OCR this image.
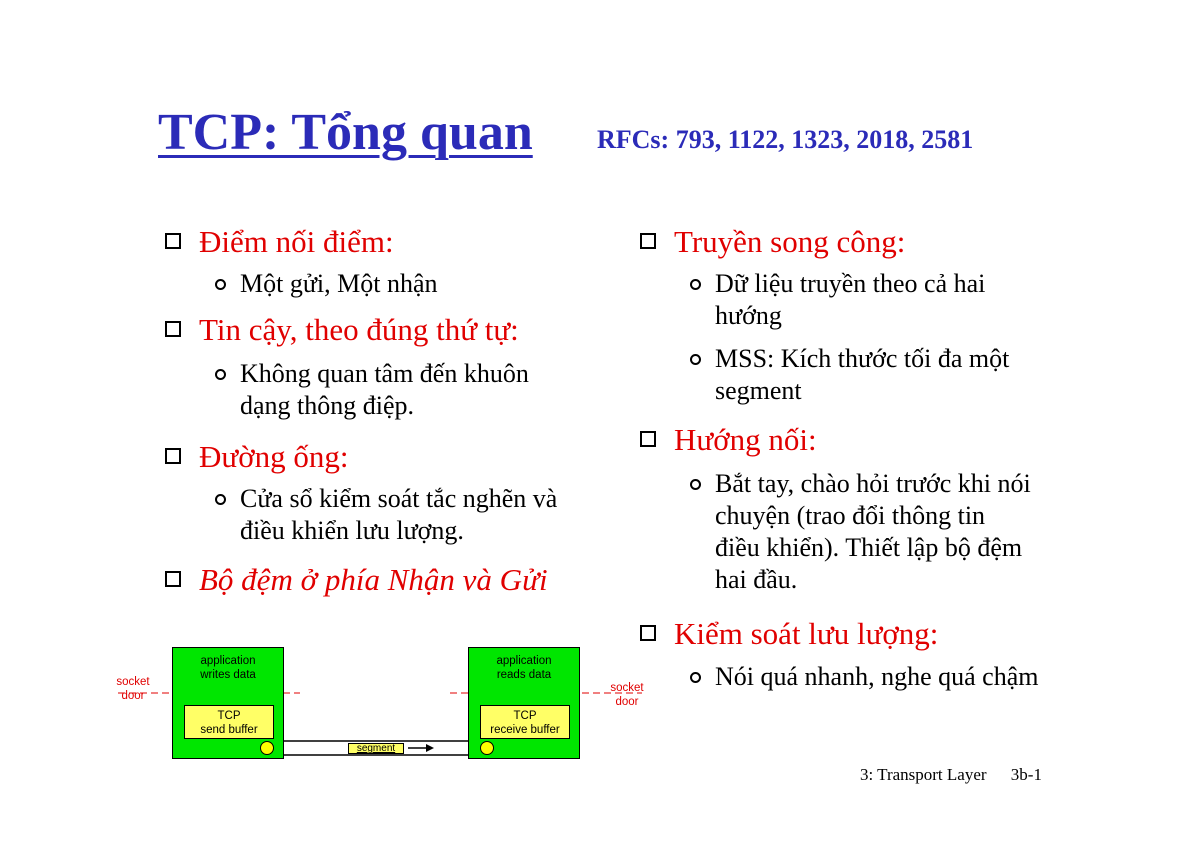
TCP: Tổng quan RFCs: 793, 1122, 1323, 2018, 2581
Điểm nối điểm:
Một gửi, Một nhận
Tin cậy, theo đúng thứ tự:
Không quan tâm đến khuôn dạng thông điệp.
Đường ống:
Cửa sổ kiểm soát tắc nghẽn và điều khiển lưu lượng.
Bộ đệm ở phía Nhận và Gửi
Truyền song công:
Dữ liệu truyền theo cả hai hướng
MSS: Kích thước tối đa một segment
Hướng nối:
Bắt tay, chào hỏi trước khi nói chuyện (trao đổi thông tin điều khiển). Thiết lập bộ đệm hai đầu.
Kiểm soát lưu lượng:
Nói quá nhanh, nghe quá chậm
application
writes data
TCP
send buffer
application
reads data
TCP
receive buffer
segment
socket
door
socket
door
3: Transport Layer 3b-1
